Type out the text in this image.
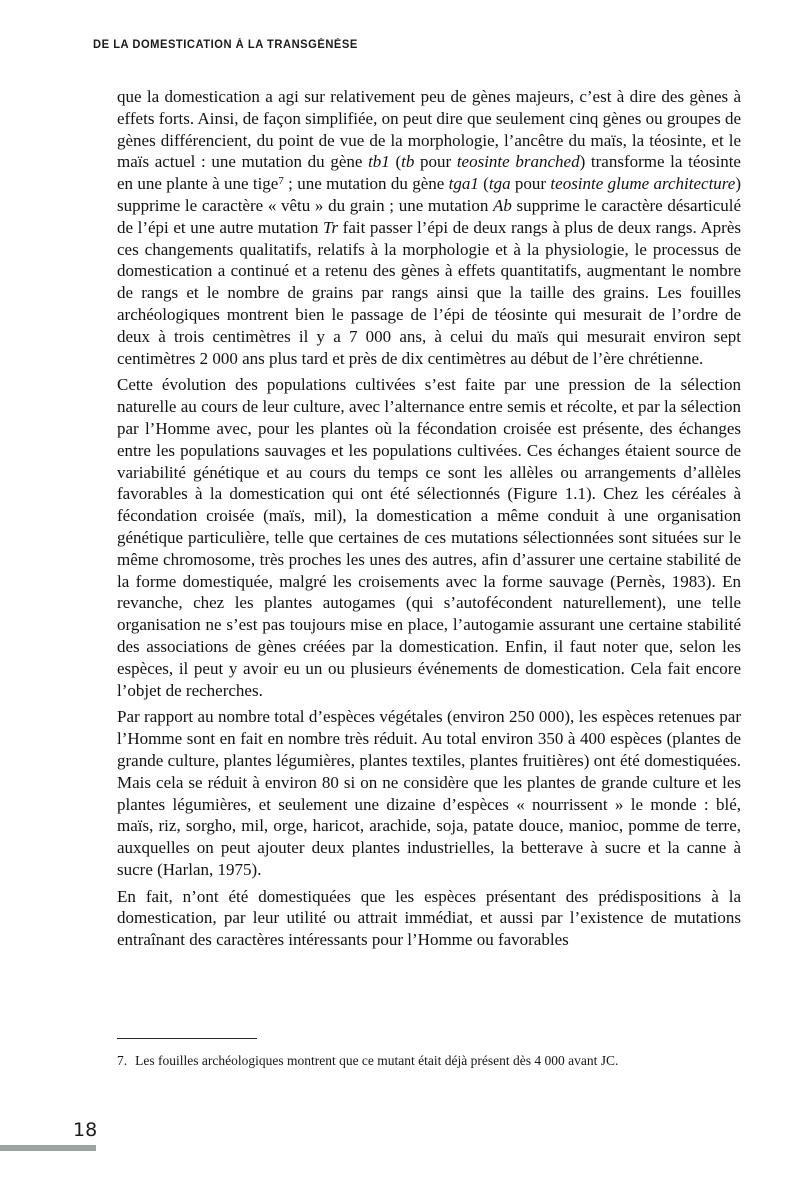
DE LA DOMESTICATION À LA TRANSGÉNÈSE

que la domestication a agi sur relativement peu de gènes majeurs, c’est à dire des gènes à effets forts. Ainsi, de façon simplifiée, on peut dire que seulement cinq gènes ou groupes de gènes différencient, du point de vue de la morphologie, l’ancêtre du maïs, la téosinte, et le maïs actuel : une mutation du gène tb1 (tb pour teosinte branched) transforme la téosinte en une plante à une tige$^7$ ; une mutation du gène tga1 (tga pour teosinte glume architecture) supprime le caractère « vêtu » du grain ; une mutation Ab supprime le caractère désarticulé de l’épi et une autre mutation Tr fait passer l’épi de deux rangs à plus de deux rangs. Après ces changements qualitatifs, relatifs à la morphologie et à la physiologie, le processus de domestication a continué et a retenu des gènes à effets quantitatifs, augmentant le nombre de rangs et le nombre de grains par rangs ainsi que la taille des grains. Les fouilles archéologiques montrent bien le passage de l’épi de téosinte qui mesurait de l’ordre de deux à trois centimètres il y a 7 000 ans, à celui du maïs qui mesurait environ sept centimètres 2 000 ans plus tard et près de dix centimètres au début de l’ère chrétienne.

Cette évolution des populations cultivées s’est faite par une pression de la sélection naturelle au cours de leur culture, avec l’alternance entre semis et récolte, et par la sélection par l’Homme avec, pour les plantes où la fécondation croisée est présente, des échanges entre les populations sauvages et les populations cultivées. Ces échanges étaient source de variabilité génétique et au cours du temps ce sont les allèles ou arrangements d’allèles favorables à la domestication qui ont été sélectionnés (Figure 1.1). Chez les céréales à fécondation croisée (maïs, mil), la domestication a même conduit à une organisation génétique particulière, telle que certaines de ces mutations sélectionnées sont situées sur le même chromosome, très proches les unes des autres, afin d’assurer une certaine stabilité de la forme domestiquée, malgré les croisements avec la forme sauvage (Pernès, 1983). En revanche, chez les plantes autogames (qui s’autofécondent naturellement), une telle organisation ne s’est pas toujours mise en place, l’autogamie assurant une certaine stabilité des associations de gènes créées par la domestication. Enfin, il faut noter que, selon les espèces, il peut y avoir eu un ou plusieurs événements de domestication. Cela fait encore l’objet de recherches.

Par rapport au nombre total d’espèces végétales (environ 250 000), les espèces retenues par l’Homme sont en fait en nombre très réduit. Au total environ 350 à 400 espèces (plantes de grande culture, plantes légumières, plantes textiles, plantes fruitières) ont été domestiquées. Mais cela se réduit à environ 80 si on ne considère que les plantes de grande culture et les plantes légumières, et seulement une dizaine d’espèces « nourrissent » le monde : blé, maïs, riz, sorgho, mil, orge, haricot, arachide, soja, patate douce, manioc, pomme de terre, auxquelles on peut ajouter deux plantes industrielles, la betterave à sucre et la canne à sucre (Harlan, 1975).

En fait, n’ont été domestiquées que les espèces présentant des prédispositions à la domestication, par leur utilité ou attrait immédiat, et aussi par l’existence de mutations entraînant des caractères intéressants pour l’Homme ou favorables

7. Les fouilles archéologiques montrent que ce mutant était déjà présent dès 4 000 avant JC.
18
